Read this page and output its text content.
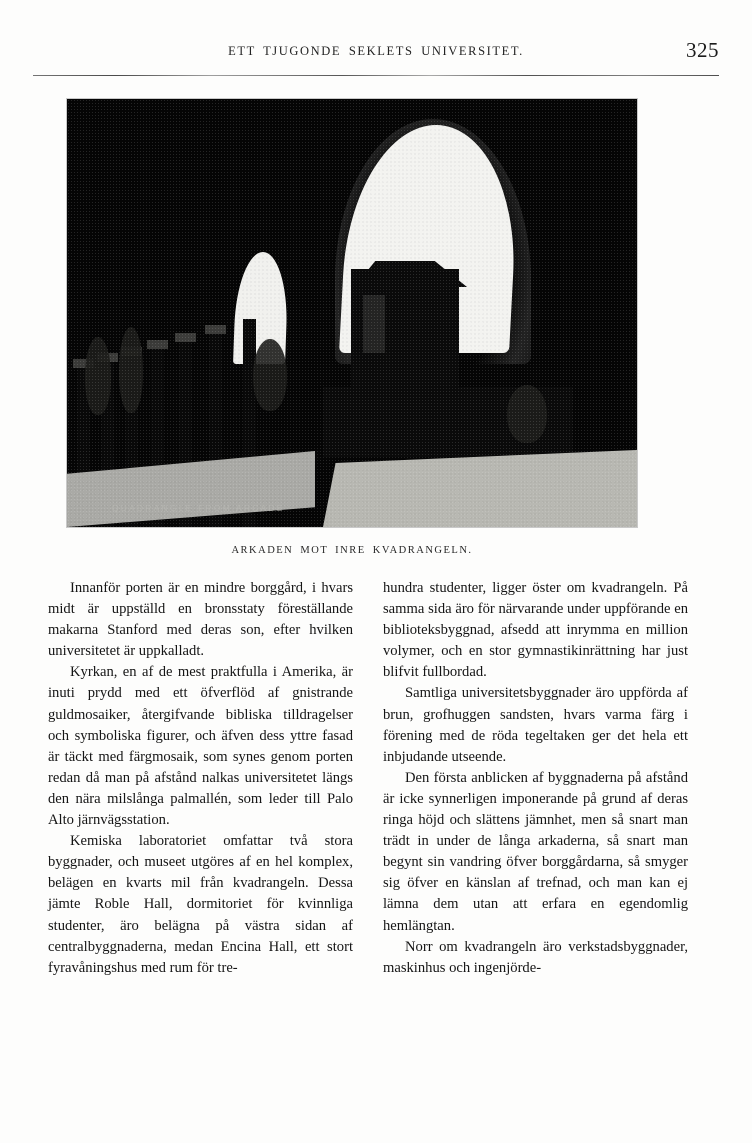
ETT TJUGONDE SEKLETS UNIVERSITET.	325
QUADRANGLE FROM ARCADE
ARKADEN MOT INRE KVADRANGELN.

Innanför porten är en mindre borggård, i hvars midt är uppställd en bronsstaty föreställande makarna Stanford med deras son, efter hvilken universitetet är uppkalladt.

Kyrkan, en af de mest praktfulla i Amerika, är inuti prydd med ett öfverflöd af gnistrande guldmosaiker, återgifvande bibliska tilldragelser och symboliska figurer, och äfven dess yttre fasad är täckt med färgmosaik, som synes genom porten redan då man på afstånd nalkas universitetet längs den nära milslånga palmallén, som leder till Palo Alto järnvägsstation.

Kemiska laboratoriet omfattar två stora byggnader, och museet utgöres af en hel komplex, belägen en kvarts mil från kvadrangeln. Dessa jämte Roble Hall, dormitoriet för kvinnliga studenter, äro belägna på västra sidan af centralbyggnaderna, medan Encina Hall, ett stort fyravåningshus med rum för tre-

hundra studenter, ligger öster om kvadrangeln. På samma sida äro för närvarande under uppförande en biblioteksbyggnad, afsedd att inrymma en million volymer, och en stor gymnastikinrättning har just blifvit fullbordad.

Samtliga universitetsbyggnader äro uppförda af brun, grofhuggen sandsten, hvars varma färg i förening med de röda tegeltaken ger det hela ett inbjudande utseende.

Den första anblicken af byggnaderna på afstånd är icke synnerligen imponerande på grund af deras ringa höjd och slättens jämnhet, men så snart man trädt in under de långa arkaderna, så snart man begynt sin vandring öfver borggårdarna, så smyger sig öfver en känslan af trefnad, och man kan ej lämna dem utan att erfara en egendomlig hemlängtan.

Norr om kvadrangeln äro verkstadsbyggnader, maskinhus och ingenjörde-
